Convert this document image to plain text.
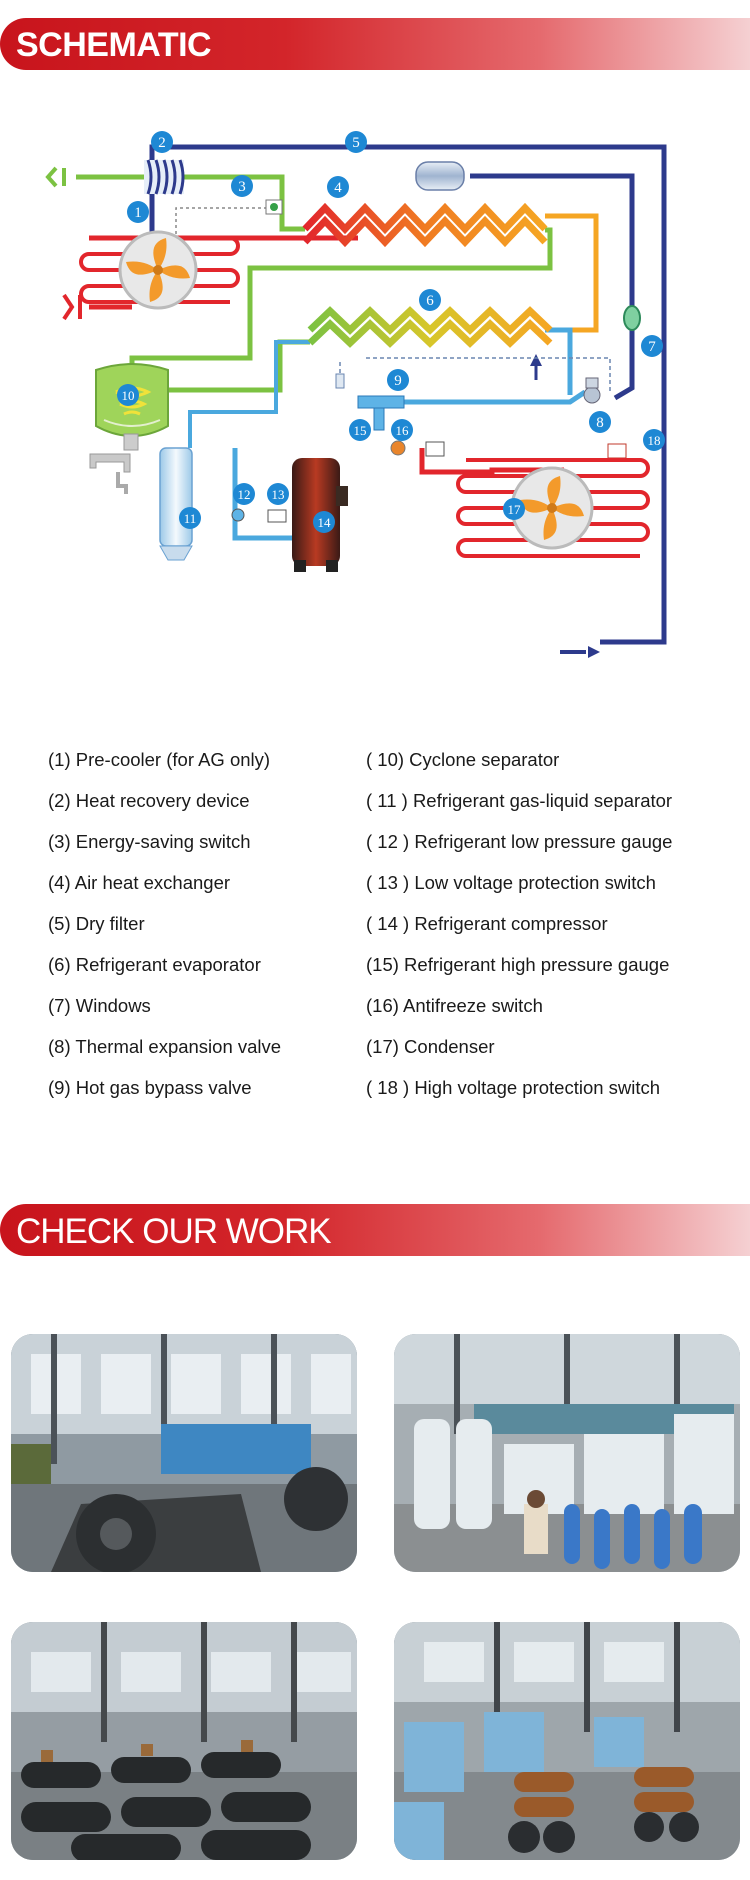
SCHEMATIC
1
2
3	4
5
6
7
8
9
10
11
12 13
14
15 16
17
18
(1) Pre-cooler (for AG only)
(2) Heat recovery device
(3) Energy-saving switch
(4) Air heat exchanger
(5) Dry filter
(6) Refrigerant evaporator
(7) Windows
(8) Thermal expansion valve
(9) Hot gas bypass valve
( 10) Cyclone separator
( 11 ) Refrigerant gas-liquid separator
( 12 ) Refrigerant low pressure gauge
( 13 ) Low voltage protection switch
( 14 ) Refrigerant compressor
(15) Refrigerant high pressure gauge
(16) Antifreeze switch
(17) Condenser
( 18 ) High voltage protection switch
CHECK OUR WORK
